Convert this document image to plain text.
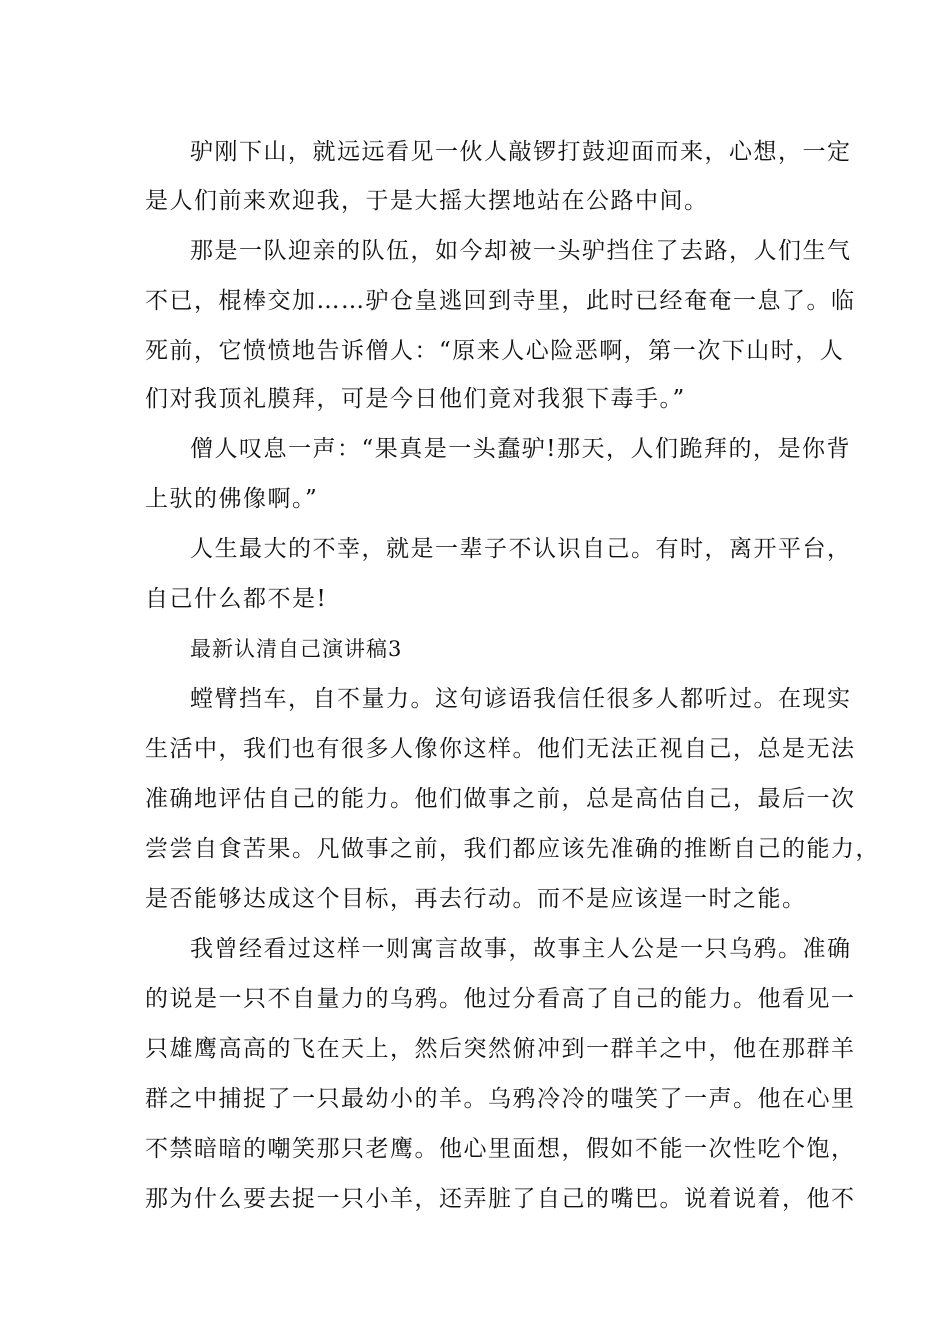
驴刚下山，就远远看见一伙人敲锣打鼓迎面而来，心想，一定
是人们前来欢迎我，于是大摇大摆地站在公路中间。
那是一队迎亲的队伍，如今却被一头驴挡住了去路，人们生气
不已，棍棒交加……驴仓皇逃回到寺里，此时已经奄奄一息了。临
死前，它愤愤地告诉僧人：“原来人心险恶啊，第一次下山时，人
们对我顶礼膜拜，可是今日他们竟对我狠下毒手。”
僧人叹息一声：“果真是一头蠢驴!那天，人们跪拜的，是你背
上驮的佛像啊。”
人生最大的不幸，就是一辈子不认识自己。有时，离开平台，
自己什么都不是!
最新认清自己演讲稿3
螳臂挡车，自不量力。这句谚语我信任很多人都听过。在现实
生活中，我们也有很多人像你这样。他们无法正视自己，总是无法
准确地评估自己的能力。他们做事之前，总是高估自己，最后一次
尝尝自食苦果。凡做事之前，我们都应该先准确的推断自己的能力，
是否能够达成这个目标，再去行动。而不是应该逞一时之能。
我曾经看过这样一则寓言故事，故事主人公是一只乌鸦。准确
的说是一只不自量力的乌鸦。他过分看高了自己的能力。他看见一
只雄鹰高高的飞在天上，然后突然俯冲到一群羊之中，他在那群羊
群之中捕捉了一只最幼小的羊。乌鸦冷冷的嗤笑了一声。他在心里
不禁暗暗的嘲笑那只老鹰。他心里面想，假如不能一次性吃个饱，
那为什么要去捉一只小羊，还弄脏了自己的嘴巴。说着说着，他不
